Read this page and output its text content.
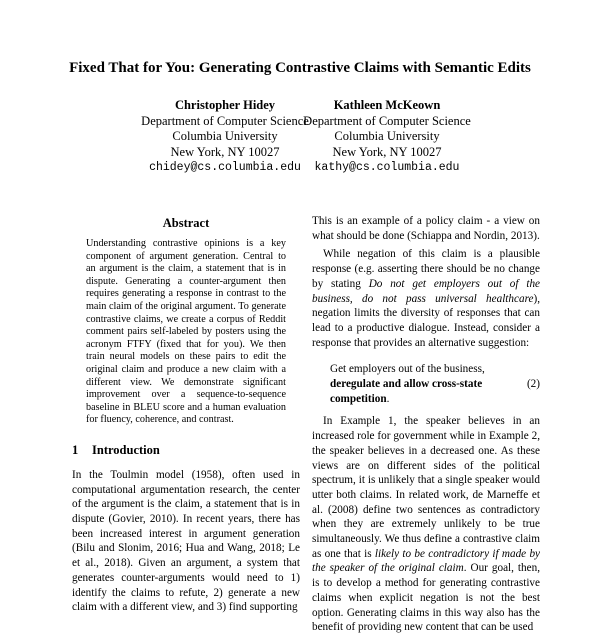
Fixed That for You: Generating Contrastive Claims with Semantic Edits
Christopher Hidey
Department of Computer Science
Columbia University
New York, NY 10027
chidey@cs.columbia.edu
Kathleen McKeown
Department of Computer Science
Columbia University
New York, NY 10027
kathy@cs.columbia.edu
Abstract

Understanding contrastive opinions is a key component of argument generation. Central to an argument is the claim, a statement that is in dispute. Generating a counter-argument then requires generating a response in contrast to the main claim of the original argument. To generate contrastive claims, we create a corpus of Reddit comment pairs self-labeled by posters using the acronym FTFY (fixed that for you). We then train neural models on these pairs to edit the original claim and produce a new claim with a different view. We demonstrate significant improvement over a sequence-to-sequence baseline in BLEU score and a human evaluation for fluency, coherence, and contrast.

1 Introduction

In the Toulmin model (1958), often used in computational argumentation research, the center of the argument is the claim, a statement that is in dispute (Govier, 2010). In recent years, there has been increased interest in argument generation (Bilu and Slonim, 2016; Hua and Wang, 2018; Le et al., 2018). Given an argument, a system that generates counter-arguments would need to 1) identify the claims to refute, 2) generate a new claim with a different view, and 3) find supporting

This is an example of a policy claim - a view on what should be done (Schiappa and Nordin, 2013).

While negation of this claim is a plausible response (e.g. asserting there should be no change by stating Do not get employers out of the business, do not pass universal healthcare), negation limits the diversity of responses that can lead to a productive dialogue. Instead, consider a response that provides an alternative suggestion:

Get employers out of the business, deregulate and allow cross-state competition.
(2)

In Example 1, the speaker believes in an increased role for government while in Example 2, the speaker believes in a decreased one. As these views are on different sides of the political spectrum, it is unlikely that a single speaker would utter both claims. In related work, de Marneffe et al. (2008) define two sentences as contradictory when they are extremely unlikely to be true simultaneously. We thus define a contrastive claim as one that is likely to be contradictory if made by the speaker of the original claim. Our goal, then, is to develop a method for generating contrastive claims when explicit negation is not the best option. Generating claims in this way also has the benefit of providing new content that can be used
